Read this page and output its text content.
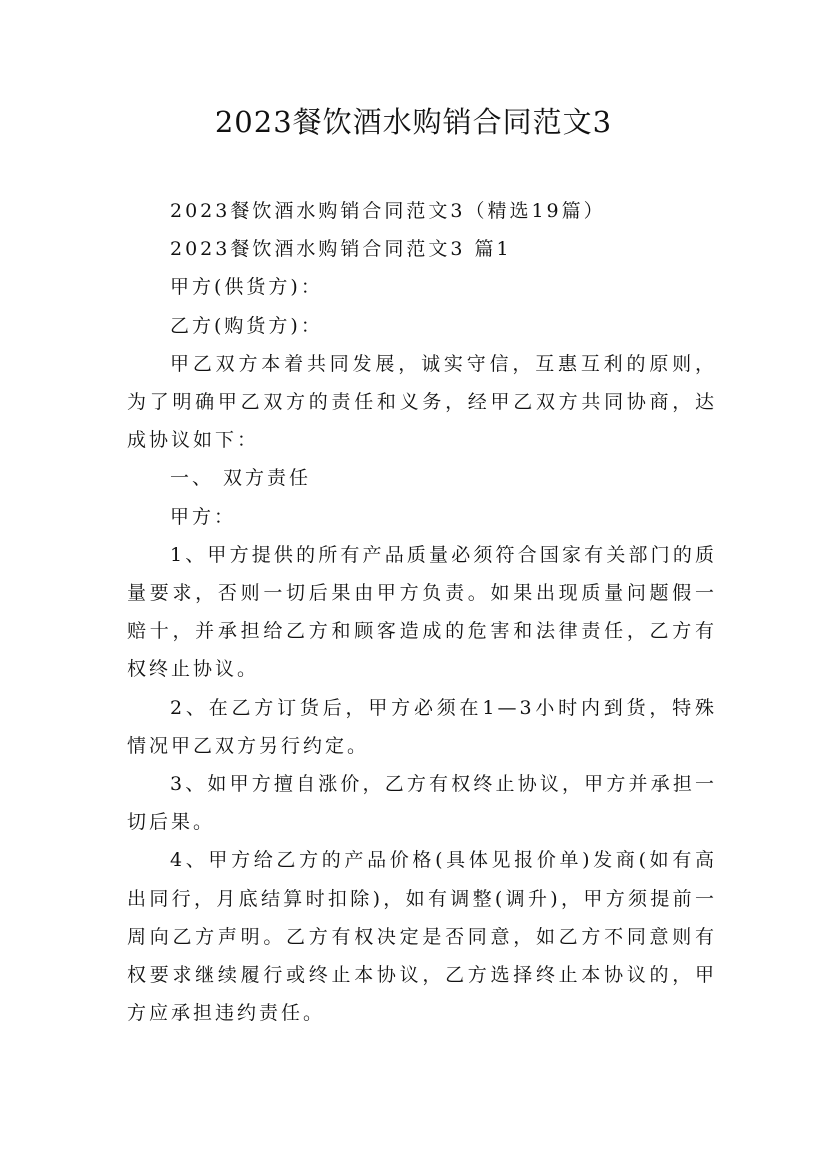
2023餐饮酒水购销合同范文3

2023餐饮酒水购销合同范文3（精选19篇）

2023餐饮酒水购销合同范文3 篇1

甲方(供货方)：

乙方(购货方)：

甲乙双方本着共同发展，诚实守信，互惠互利的原则，为了明确甲乙双方的责任和义务，经甲乙双方共同协商，达成协议如下：

一、 双方责任

甲方：

1、甲方提供的所有产品质量必须符合国家有关部门的质量要求，否则一切后果由甲方负责。如果出现质量问题假一赔十，并承担给乙方和顾客造成的危害和法律责任，乙方有权终止协议。

2、在乙方订货后，甲方必须在1—3小时内到货，特殊情况甲乙双方另行约定。

3、如甲方擅自涨价，乙方有权终止协议，甲方并承担一切后果。

4、甲方给乙方的产品价格(具体见报价单)发商(如有高出同行，月底结算时扣除)，如有调整(调升)，甲方须提前一周向乙方声明。乙方有权决定是否同意，如乙方不同意则有权要求继续履行或终止本协议，乙方选择终止本协议的，甲方应承担违约责任。
